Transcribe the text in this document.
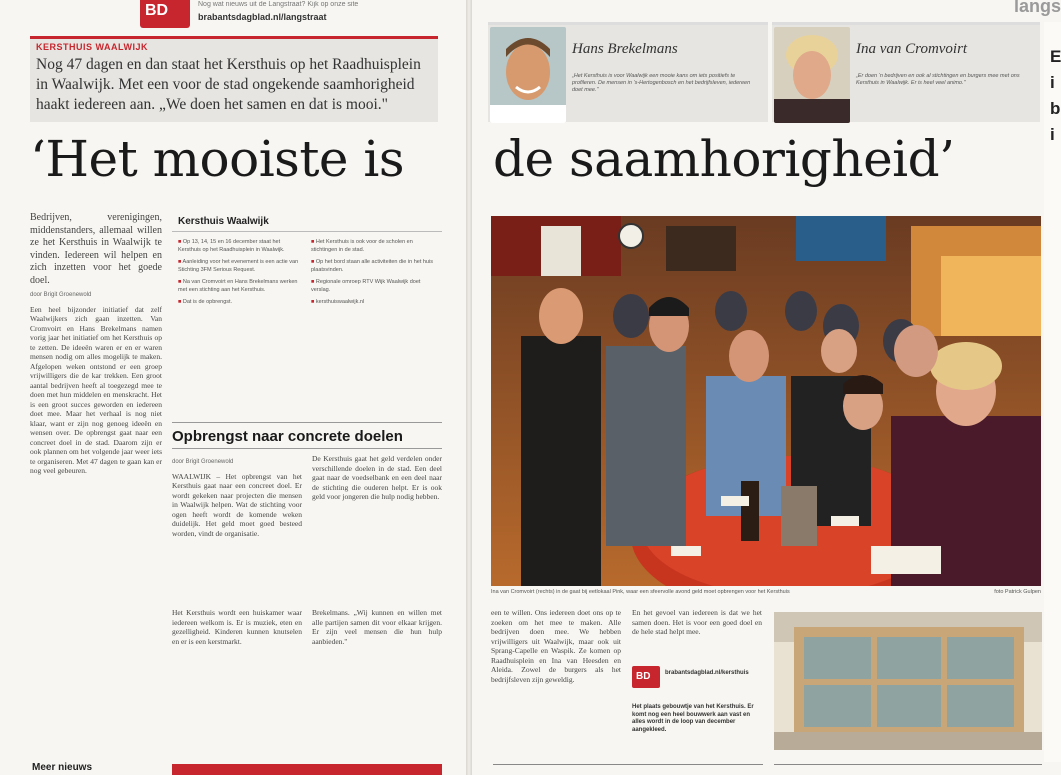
BD	Nog wat nieuws uit de Langstraat? Kijk op onze site
brabantsdagblad.nl/langstraat
langs
KERSTHUIS WAALWIJK
Nog 47 dagen en dan staat het Kersthuis op het Raadhuisplein in Waalwijk. Met een voor de stad ongekende saamhorigheid haakt iedereen aan. „We doen het samen en dat is mooi."
Hans Brekelmans
„Het Kersthuis is voor Waalwijk een mooie kans om iets positiefs te profileren. De mensen in ’s-Hertogenbosch en het bedrijfsleven, iedereen doet mee."
Ina van Cromvoirt
„Er doen ‘n bedrijven en ook al stichtingen en burgers mee met ons Kersthuis in Waalwijk. Er is heel veel animo."
E i b i
‘Het mooiste is de saamhorigheid’
Bedrijven, verenigingen, middenstanders, allemaal willen ze het Kersthuis in Waalwijk te vinden. Iedereen wil helpen en zich inzetten voor het goede doel.
door Brigit Groenewold
Een heel bijzonder initiatief dat zelf Waalwijkers zich gaan inzetten. Van Cromvoirt en Hans Brekelmans namen vorig jaar het initiatief om het Kersthuis op te zetten. De ideeën waren er en er waren mensen nodig om alles mogelijk te maken. Afgelopen weken ontstond er een groep vrijwilligers die de kar trekken. Een groot aantal bedrijven heeft al toegezegd mee te doen met hun middelen en menskracht. Het is een groot succes geworden en iedereen doet mee. Maar het verhaal is nog niet klaar, want er zijn nog genoeg ideeën en wensen over. De opbrengst gaat naar een concreet doel in de stad. Daarom zijn er ook plannen om het volgende jaar weer iets te organiseren. Met 47 dagen te gaan kan er nog veel gebeuren.
Kersthuis Waalwijk
■ Op 13, 14, 15 en 16 december staat het Kersthuis op het Raadhuisplein in Waalwijk.
■ Aanleiding voor het evenement is een actie van Stichting 3FM Serious Request.
■ Na van Cromvoirt en Hans Brekelmans werken met een stichting aan het Kersthuis.
■ Dat is de opbrengst.
■ Het Kersthuis is ook voor de scholen en stichtingen in de stad.
■ Op het bord staan alle activiteiten die in het huis plaatsvinden.
■ Regionale omroep RTV Wijk Waalwijk doet verslag.
■ kersthuiswaalwijk.nl
Opbrengst naar concrete doelen
door Brigit Groenewold
WAALWIJK – Het opbrengst van het Kersthuis gaat naar een concreet doel. Er wordt gekeken naar projecten die mensen in Waalwijk helpen. Wat de stichting voor ogen heeft wordt de komende weken duidelijk. Het geld moet goed besteed worden, vindt de organisatie.
De Kersthuis gaat het geld verdelen onder verschillende doelen in de stad. Een deel gaat naar de voedselbank en een deel naar de stichting die ouderen helpt. Er is ook geld voor jongeren die hulp nodig hebben.
Het Kersthuis wordt een huiskamer waar iedereen welkom is. Er is muziek, eten en gezelligheid. Kinderen kunnen knutselen en er is een kerstmarkt.
Brekelmans. „Wij kunnen en willen met alle partijen samen dit voor elkaar krijgen. Er zijn veel mensen die hun hulp aanbieden."
Ina van Cromvoirt (rechts) in de gaat bij eetlokaal Pink, waar een sfeervolle avond geld moet opbrengen voor het Kersthuis	foto Patrick Gulpen
een te willen. Ons iedereen doet ons op te zoeken om het mee te maken. Alle bedrijven doen mee. We hebben vrijwilligers uit Waalwijk, maar ook uit Sprang-Capelle en Waspik. Ze komen op Raadhuisplein en Ina van Heesden en Aleida. Zowel de burgers als het bedrijfsleven zijn geweldig.
En het gevoel van iedereen is dat we het samen doen. Het is voor een goed doel en de hele stad helpt mee.
BD brabantsdagblad.nl/kersthuis
Het plaats gebouwtje van het Kersthuis. Er komt nog een heel bouwwerk aan vast en alles wordt in de loop van december aangekleed.
Meer nieuws
